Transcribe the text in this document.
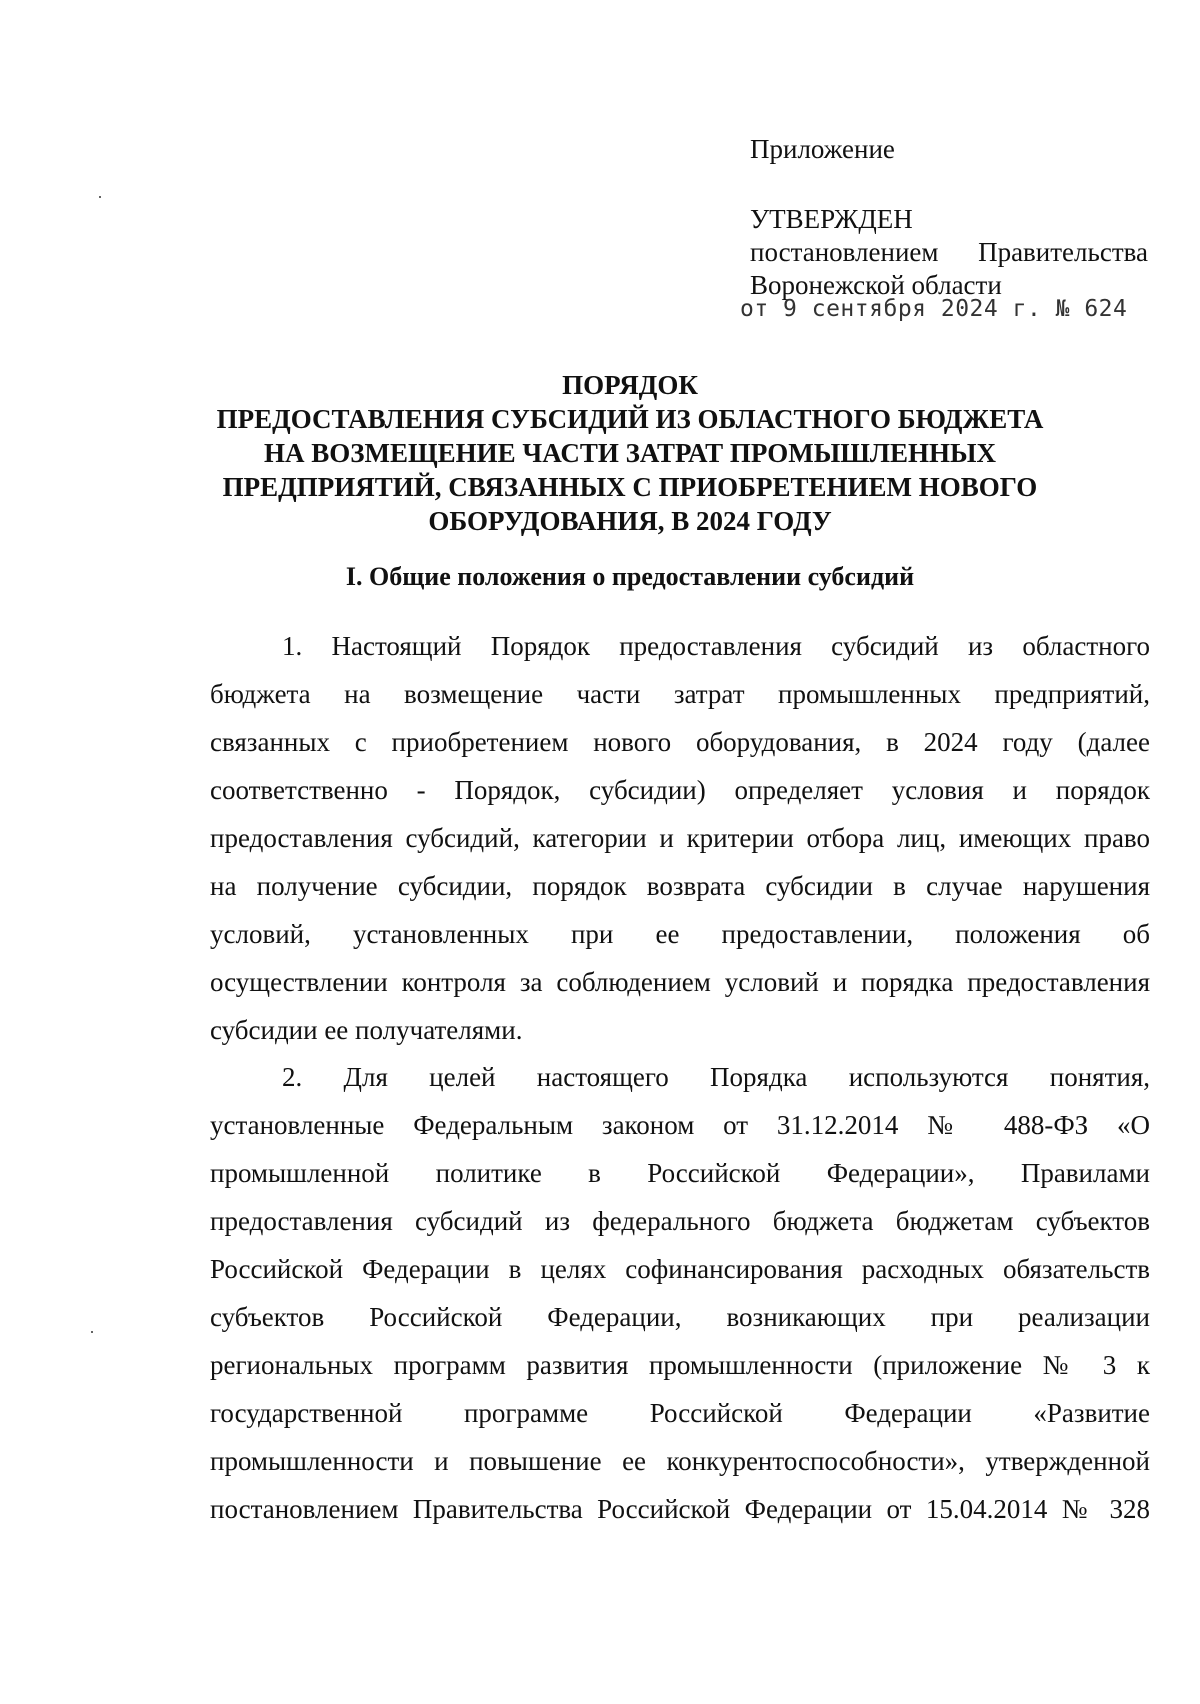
Приложение
УТВЕРЖДЕН
постановлением Правительства
Воронежской области
от 9 сентября 2024 г. № 624
ПОРЯДОК
ПРЕДОСТАВЛЕНИЯ СУБСИДИЙ ИЗ ОБЛАСТНОГО БЮДЖЕТА
НА ВОЗМЕЩЕНИЕ ЧАСТИ ЗАТРАТ ПРОМЫШЛЕННЫХ
ПРЕДПРИЯТИЙ, СВЯЗАННЫХ С ПРИОБРЕТЕНИЕМ НОВОГО
ОБОРУДОВАНИЯ, В 2024 ГОДУ
I. Общие положения о предоставлении субсидий

1. Настоящий Порядок предоставления субсидий из областного

бюджета на возмещение части затрат промышленных предприятий,

связанных с приобретением нового оборудования, в 2024 году (далее

соответственно - Порядок, субсидии) определяет условия и порядок

предоставления субсидий, категории и критерии отбора лиц, имеющих право

на получение субсидии, порядок возврата субсидии в случае нарушения

условий, установленных при ее предоставлении, положения об

осуществлении контроля за соблюдением условий и порядка предоставления

субсидии ее получателями.

2. Для целей настоящего Порядка используются понятия,

установленные Федеральным законом от 31.12.2014 № 488-ФЗ «О

промышленной политике в Российской Федерации», Правилами

предоставления субсидий из федерального бюджета бюджетам субъектов

Российской Федерации в целях софинансирования расходных обязательств

субъектов Российской Федерации, возникающих при реализации

региональных программ развития промышленности (приложение № 3 к

государственной программе Российской Федерации «Развитие

промышленности и повышение ее конкурентоспособности», утвержденной

постановлением Правительства Российской Федерации от 15.04.2014 № 328
